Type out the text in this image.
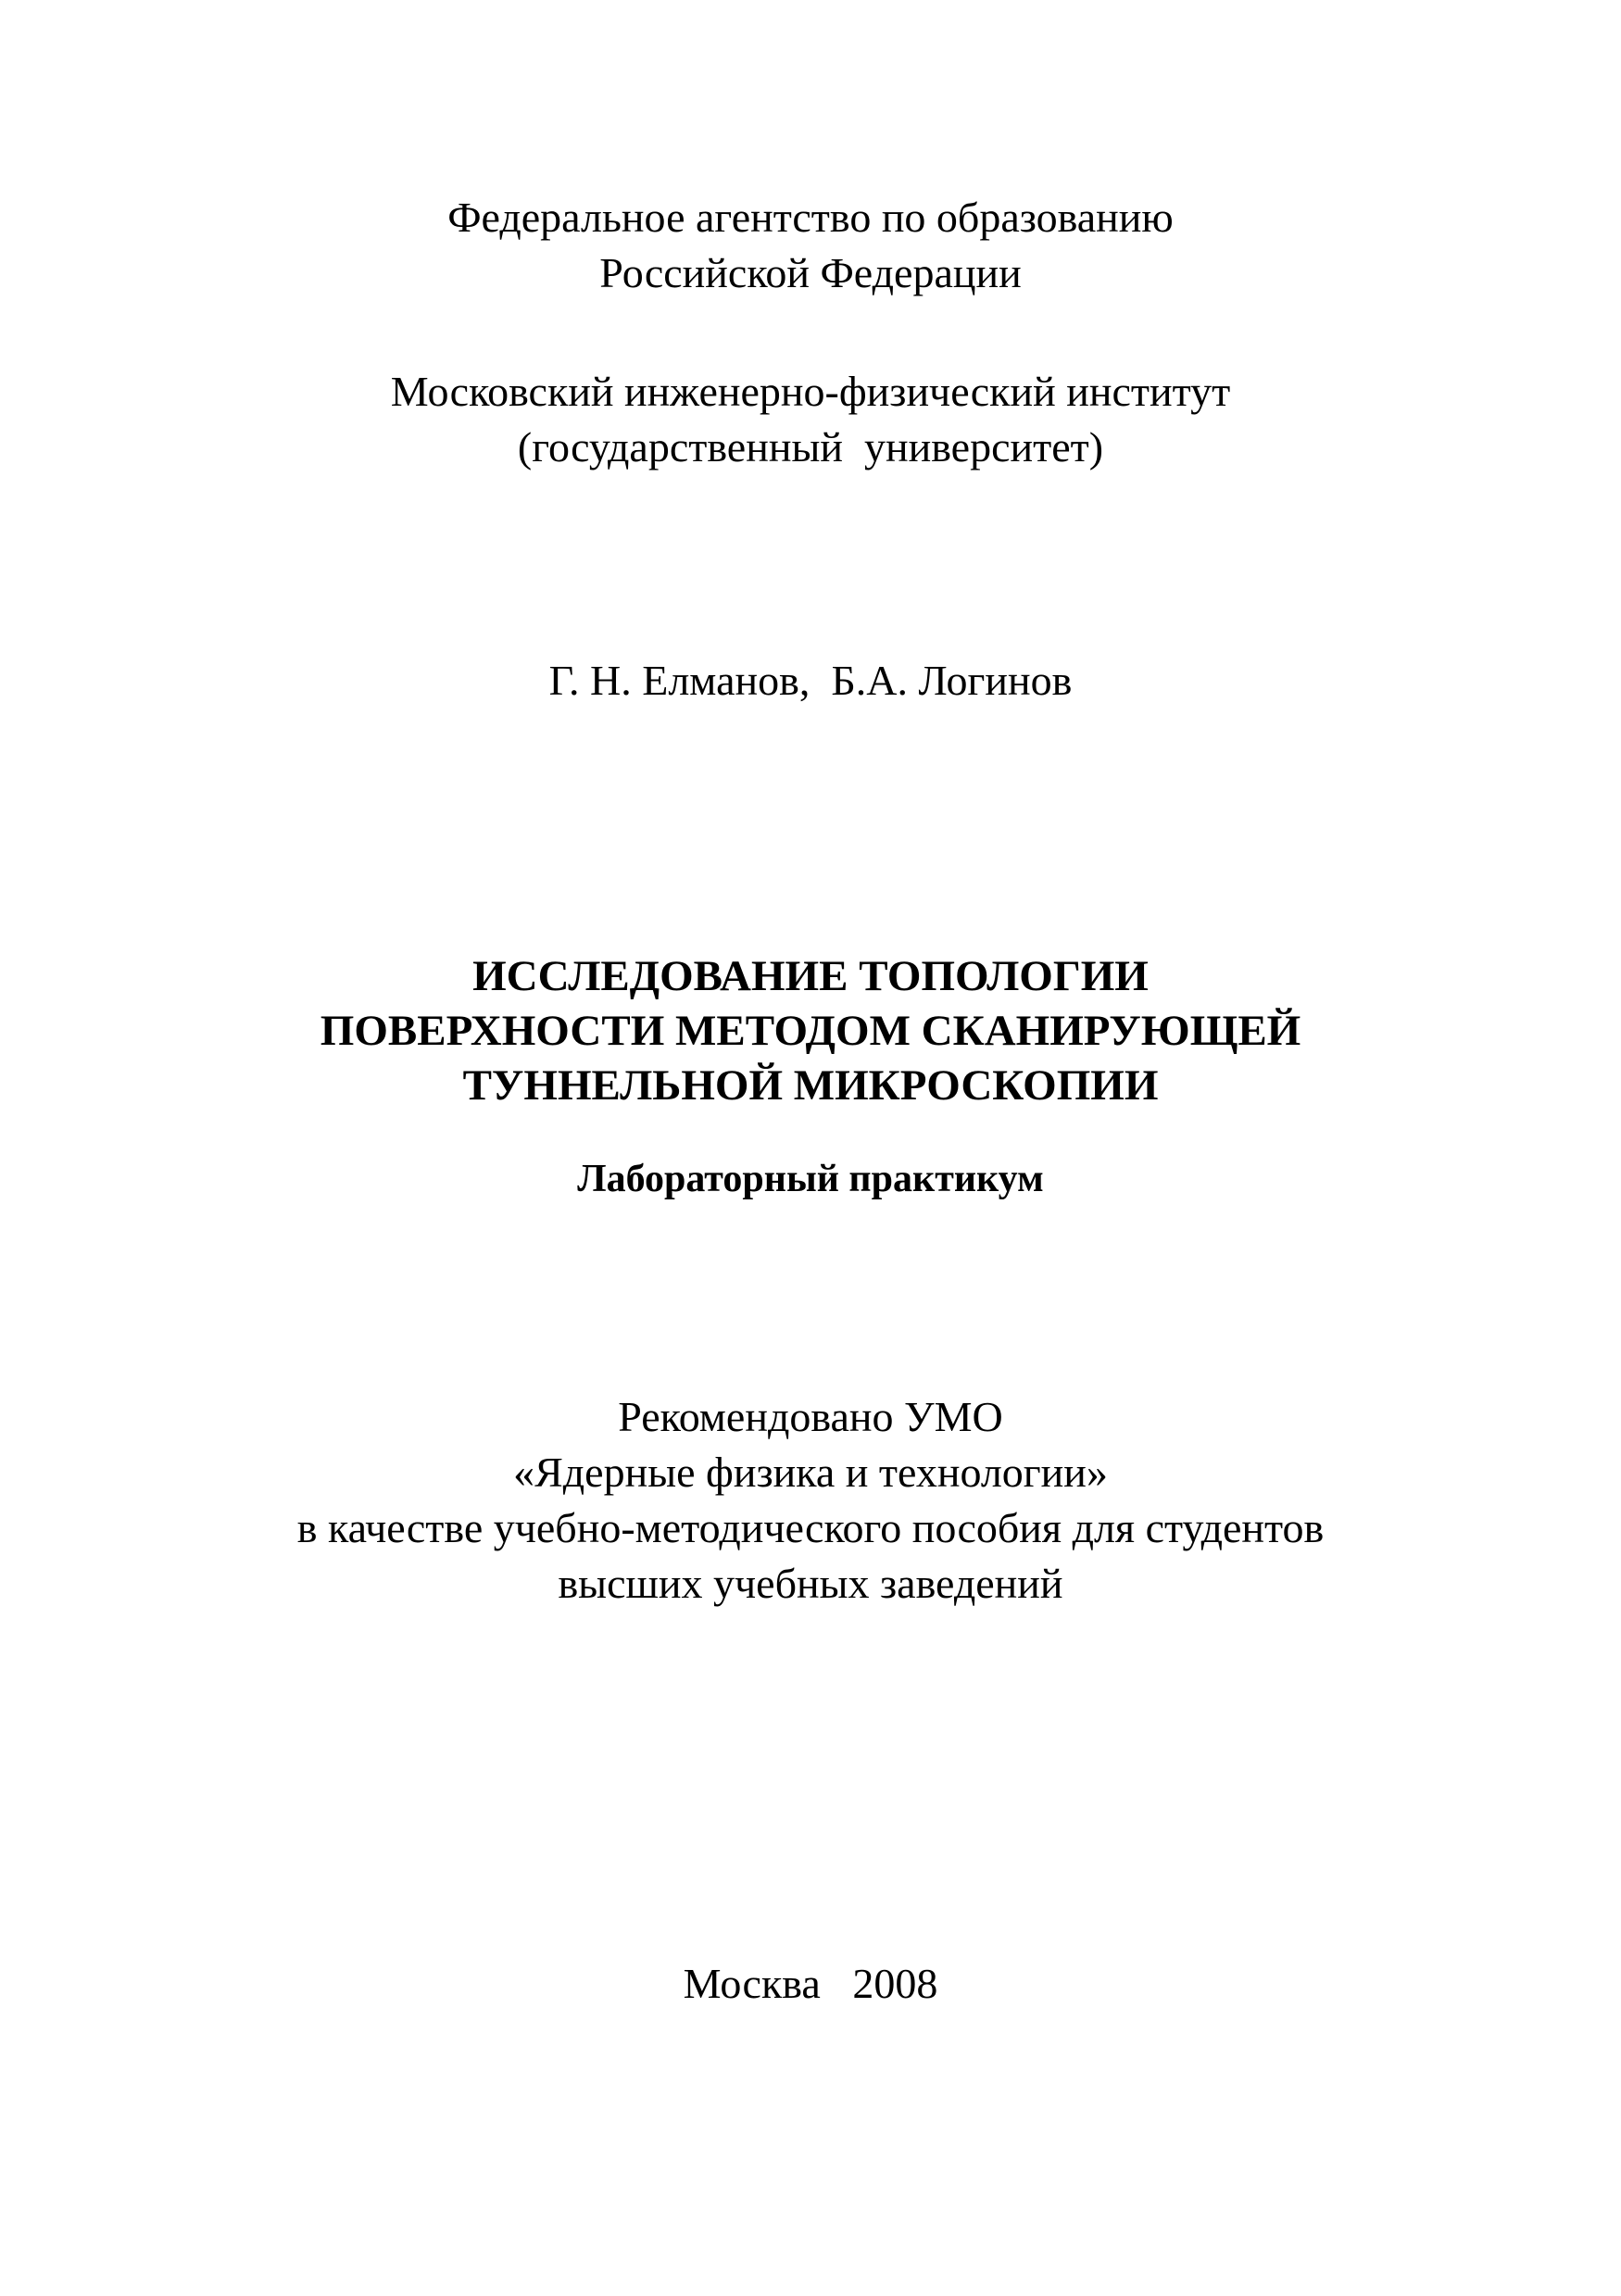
Федеральное агентство по образованию
Российской Федерации
Московский инженерно-физический институт
(государственный  университет)
Г. Н. Елманов,  Б.А. Логинов
ИССЛЕДОВАНИЕ ТОПОЛОГИИ
ПОВЕРХНОСТИ МЕТОДОМ СКАНИРУЮЩЕЙ
ТУННЕЛЬНОЙ МИКРОСКОПИИ
Лабораторный практикум
Рекомендовано УМО
«Ядерные физика и технологии»
в качестве учебно-методического пособия для студентов
высших учебных заведений
Москва   2008
